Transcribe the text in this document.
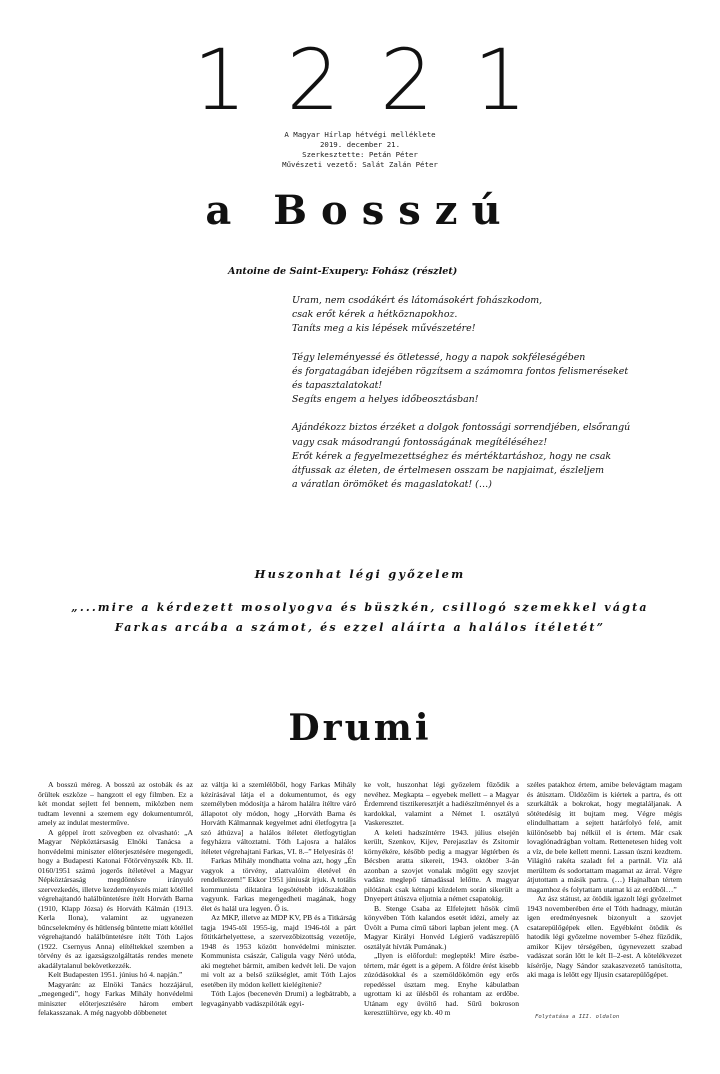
1221
A Magyar Hírlap hétvégi melléklete
2019. december 21.
Szerkesztette: Petán Péter
Művészeti vezető: Salát Zalán Péter
a Bosszú
Antoine de Saint-Exupery: Fohász (részlet)
Uram, nem csodákért és látomásokért fohászkodom,
csak erőt kérek a hétköznapokhoz.
Taníts meg a kis lépések művészetére!
Tégy leleményessé és ötletessé, hogy a napok sokféleségében
és forgatagában idejében rögzítsem a számomra fontos felismeréseket
és tapasztalatokat!
Segíts engem a helyes időbeosztásban!
Ajándékozz biztos érzéket a dolgok fontossági sorrendjében, elsőrangú
vagy csak másodrangú fontosságának megítéléséhez!
Erőt kérek a fegyelmezettséghez és mértéktartáshoz, hogy ne csak
átfussak az életen, de értelmesen osszam be napjaimat, észleljem
a váratlan örömöket és magaslatokat! (…)
Huszonhat légi győzelem
„...mire a kérdezett mosolyogva és büszkén, csillogó szemekkel vágta
Farkas arcába a számot, és ezzel aláírta a halálos ítéletét”
Drumi

A bosszú méreg. A bosszú az ostobák és az őrültek eszköze – hangzott el egy filmben. Ez a két mondat sejlett fel bennem, miközben nem tudtam levenni a szemem egy dokumentumról, amely az indulat mestermûve.

A géppel írott szövegben ez olvasható: „A Magyar Népköztársaság Elnöki Tanácsa a honvédelmi miniszter előterjesztésére megengedi, hogy a Budapesti Katonai Főtörvényszék Kb. II. 0160/1951 számú jogerős ítéletével a Magyar Népköztársaság megdöntésre irányuló szervezkedés, illetve kezdeményezés miatt kötéllel végrehajtandó halálbüntetésre ítélt Horváth Barna (1910, Klapp Józsa) és Horváth Kálmán (1913. Kerla Ilona), valamint az ugyanezen bűncselekmény és hűtlenség bűntette miatt kötéllel végrehajtandó halálbüntetésre ítélt Tóth Lajos (1922. Csernyus Anna) elítéltekkel szemben a törvény és az igazságszolgáltatás rendes menete akadálytalanul bekövetkezzék.

Kelt Budapesten 1951. június hó 4. napján.”

Magyarán: az Elnöki Tanács hozzájárul, „megengedi”, hogy Farkas Mihály honvédelmi miniszter előterjesztésére három embert felakasszanak. A még nagyobb döbbenetet

az váltja ki a szemlélőből, hogy Farkas Mihály kézírásával látja el a dokumentumot, és egy személyben módosítja a három halálra ítéltre váró állapotot oly módon, hogy „Horváth Barna és Horváth Kálmannak kegyelmet adni életfogytra [a szó áthúzva] a halálos ítéletet életfogytiglan fegyházra változtatni. Tóth Lajosra a halálos ítéletet végrehajtani Farkas, VI. 8.–” Helyesírás ő!

Farkas Mihály mondhatta volna azt, hogy „Én vagyok a törvény, alattvalóim életével én rendelkezem!” Ekkor 1951 júniusát írjuk. A totális kommunista diktatúra legsötétebb időszakában vagyunk. Farkas megengedheti magának, hogy élet és halál ura legyen. Ő is.

Az MKP, illetve az MDP KV, PB és a Titkárság tagja 1945-től 1955-ig, majd 1946-tól a párt főtitkárhelyettese, a szervezőbizottság vezetője, 1948 és 1953 között honvédelmi miniszter. Kommunista császár, Caligula vagy Néró utóda, aki megtehet bármit, amiben kedvét leli. De vajon mi volt az a belső szükséglet, amit Tóth Lajos esetében ily módon kellett kielégítenie?

Tóth Lajos (becenevén Drumi) a legbátrabb, a legvagányabb vadászpilóták egyi-

ke volt, huszonhat légi győzelem fűződik a nevéhez. Megkapta – egyebek mellett – a Magyar Érdemrend tisztikeresztjét a hadiészítménnyel és a kardokkal, valamint a Német I. osztályú Vaskeresztet.

A keleti hadszíntérre 1943. július elsején került, Szenkov, Kijev, Perejaszlav és Zsitomir környékére, később pedig a magyar légtérben és Bécsben aratta sikereit, 1943. október 3-án azonban a szovjet vonalak mögött egy szovjet vadász meglepő támadással lelőtte. A magyar pilótának csak kétnapi küzdelem során sikerült a Dnyepert átúszva eljutnia a német csapatokig.

B. Stenge Csaba az Elfelejtett hősök című könyvében Tóth kalandos esetét idézi, amely az Üvölt a Puma című tábori lapban jelent meg. (A Magyar Királyi Honvéd Légierő vadászrepülő osztályát hívták Pumának.)

„Ilyen is előfordul: meglepték! Mire észbe-tértem, már égett is a gépem. A földre érést kisebb zúzódásokkal és a szemöldökömön egy erős repedéssel úsztam meg. Enyhe kábulatban ugrottam ki az ülésből és rohantam az erdőbe. Utánam egy üvöltő had. Sűrű bokroson keresztültörve, egy kb. 40 m

széles patakhoz értem, amibe belevágtam magam és átúsztam. Üldözőim is kiértek a partra, és ott szurkálták a bokrokat, hogy megtaláljanak. A sötétedésig itt bujtam meg. Végre mégis elindulhattam a sejtett határfolyó felé, amit különösebb baj nélkül el is értem. Már csak lovaglónadrágban voltam. Rettenetesen hideg volt a víz, de bele kellett menni. Lassan úszni kezdtem. Világító rakéta szaladt fel a partnál. Víz alá merültem és sodortattam magamat az árral. Végre átjutottam a másik partra. (…) Hajnalban tértem magamhoz és folytattam utamat ki az erdőből…”

Az ász státust, az ötödik igazolt légi győzelmet 1943 novemberében érte el Tóth hadnagy, miután igen eredményesnek bizonyult a szovjet csatarepülőgépek ellen. Egyébként ötödik és hatodik légi győzelme november 5-éhez fűződik, amikor Kijev térségében, úgynevezett szabad vadászat során lőtt le két Il–2-est. A kötelékvezet kísérője, Nagy Sándor szakaszvezető tanúsította, aki maga is lelőtt egy Iljusin csatarepülőgépet.

Folytatása a III. oldalon
